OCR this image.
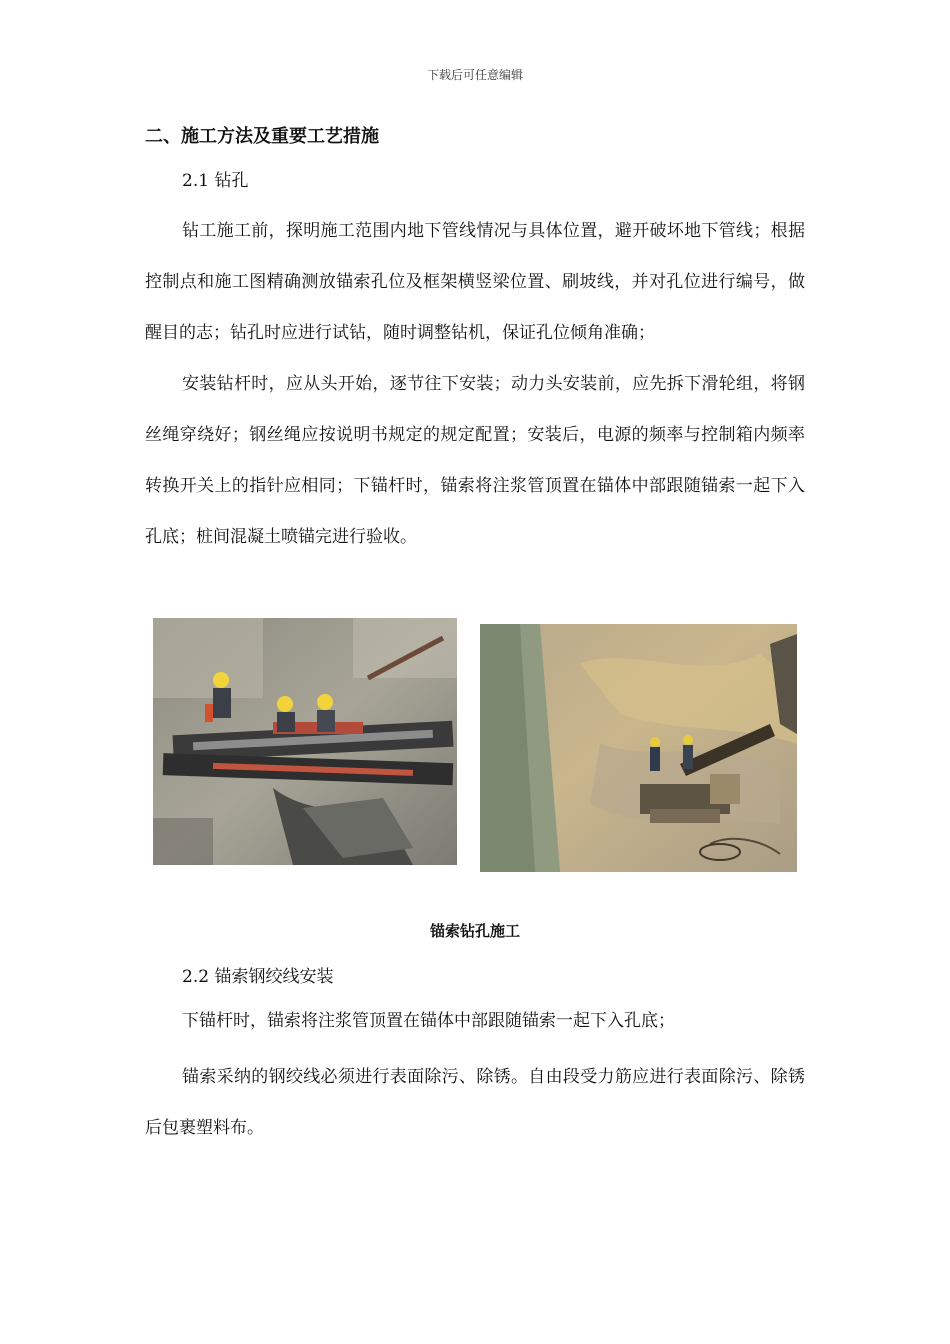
下载后可任意编辑
二、施工方法及重要工艺措施
2.1 钻孔

钻工施工前，探明施工范围内地下管线情况与具体位置，避开破坏地下管线；根据控制点和施工图精确测放锚索孔位及框架横竖梁位置、刷坡线，并对孔位进行编号，做醒目的志；钻孔时应进行试钻，随时调整钻机，保证孔位倾角准确；

安装钻杆时，应从头开始，逐节往下安装；动力头安装前，应先拆下滑轮组，将钢丝绳穿绕好；钢丝绳应按说明书规定的规定配置；安装后，电源的频率与控制箱内频率转换开关上的指针应相同；下锚杆时，锚索将注浆管顶置在锚体中部跟随锚索一起下入孔底；桩间混凝土喷锚完进行验收。

锚索钻孔施工
2.2 锚索钢绞线安装

下锚杆时，锚索将注浆管顶置在锚体中部跟随锚索一起下入孔底；

锚索采纳的钢绞线必须进行表面除污、除锈。自由段受力筋应进行表面除污、除锈后包裹塑料布。
